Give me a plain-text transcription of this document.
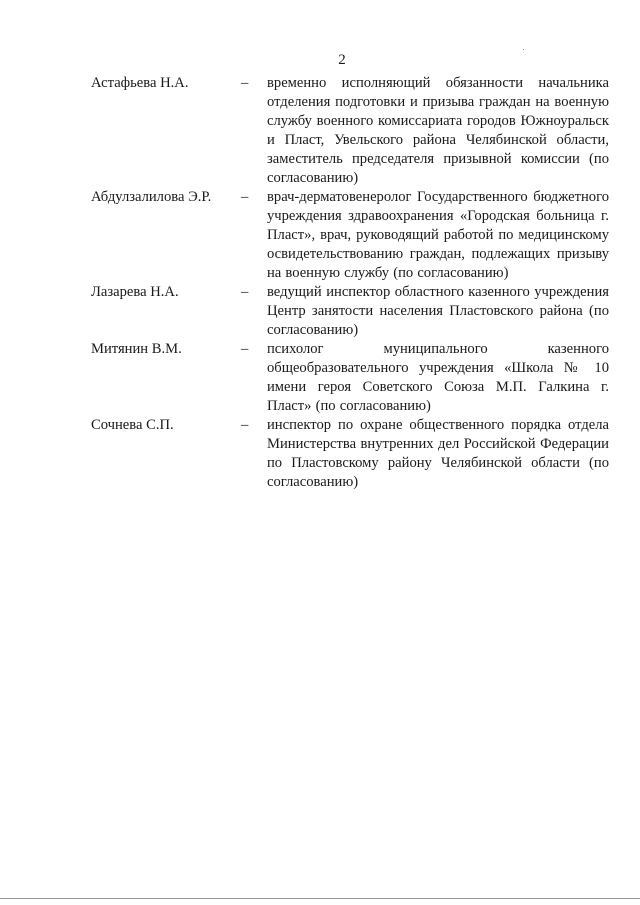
2
Астафьева Н.А.	–	временно исполняющий обязанности начальника отделения подготовки и призыва граждан на военную службу военного комиссариата городов Южноуральск и Пласт, Увельского района Челябинской области, заместитель председателя призывной комиссии (по согласованию)
Абдулзалилова Э.Р.	–	врач-дерматовенеролог Государственного бюджетного учреждения здравоохранения «Городская больница г. Пласт», врач, руководящий работой по медицинскому освидетельствованию граждан, подлежащих призыву на военную службу (по согласованию)
Лазарева Н.А.	–	ведущий инспектор областного казенного учреждения Центр занятости населения Пластовского района (по согласованию)
Митянин В.М.	–	психолог муниципального казенного общеобразовательного учреждения «Школа № 10 имени героя Советского Союза М.П. Галкина г. Пласт» (по согласованию)
Сочнева С.П.	–	инспектор по охране общественного порядка отдела Министерства внутренних дел Российской Федерации по Пластовскому району Челябинской области (по согласованию)
